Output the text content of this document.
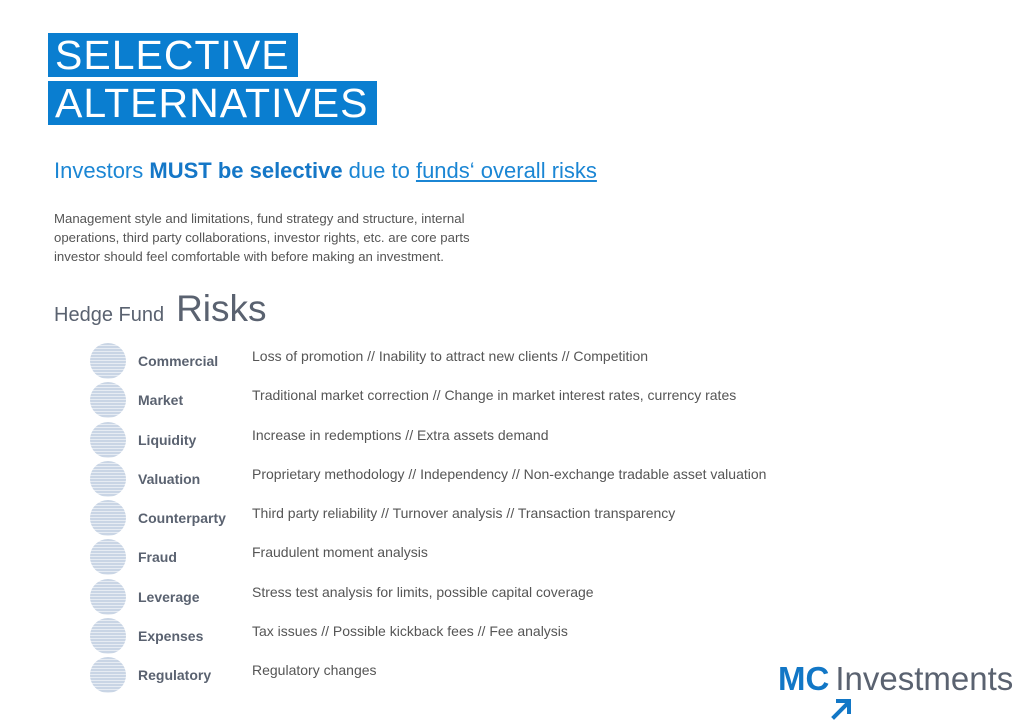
SELECTIVE
ALTERNATIVES
Investors MUST be selective due to funds‘ overall risks
Management style and limitations, fund strategy and structure, internal operations, third party collaborations, investor rights, etc. are core parts investor should feel comfortable with before making an investment.
Hedge Fund Risks
Commercial Loss of promotion // Inability to attract new clients // Competition
Market	Traditional market correction // Change in market interest rates, currency rates
Liquidity	Increase in redemptions // Extra assets demand
Valuation	Proprietary methodology // Independency // Non-exchange tradable asset valuation
Counterparty Third party reliability // Turnover analysis // Transaction transparency
Fraud	Fraudulent moment analysis
Leverage	Stress test analysis for limits, possible capital coverage
Expenses	Tax issues // Possible kickback fees // Fee analysis
Regulatory	Regulatory changes	MC Investments
